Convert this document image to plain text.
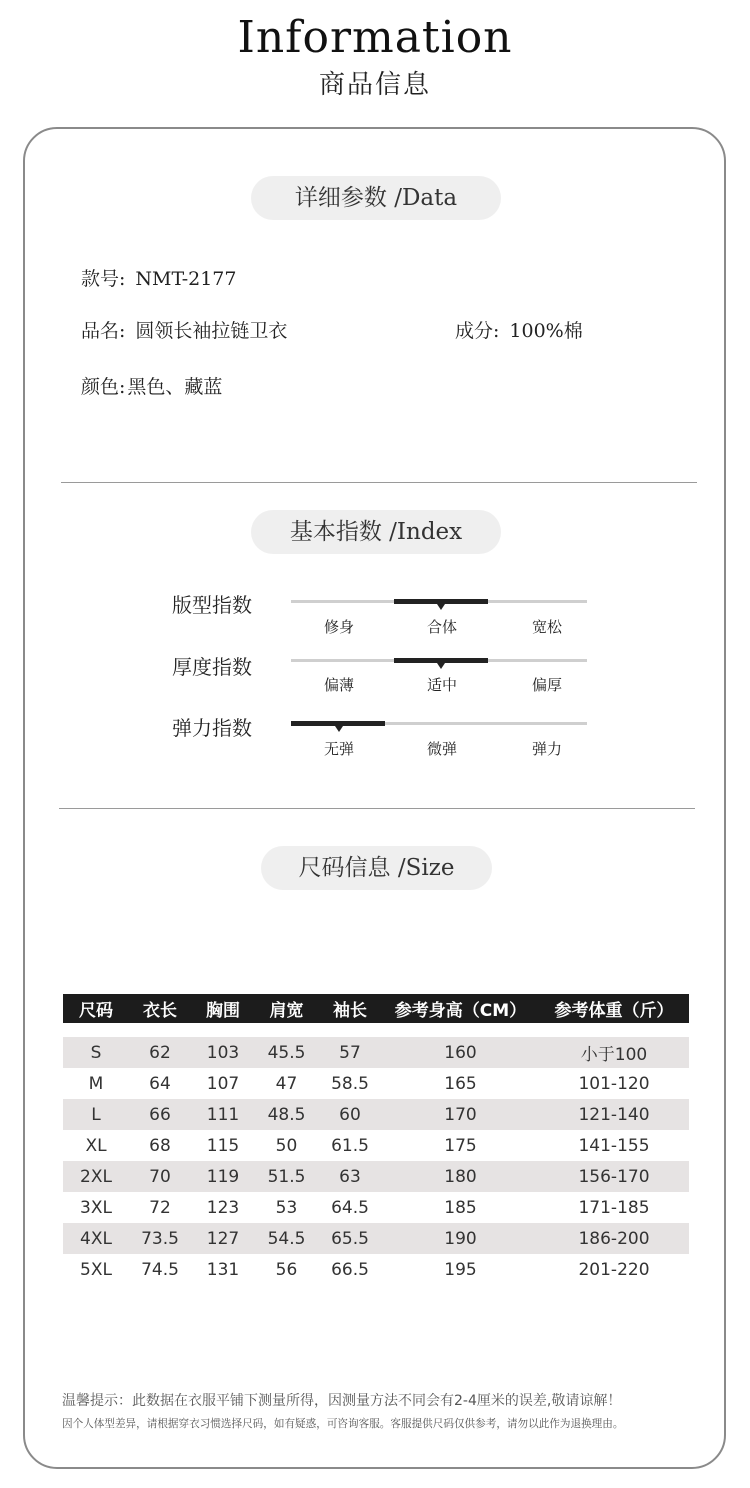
Information
商品信息
详细参数 /Data
款号: NMT-2177
品名: 圆领长袖拉链卫衣	成分: 100%棉
颜色: 黑色、藏蓝
基本指数 /Index
版型指数
修身	合体	宽松
厚度指数
偏薄	适中	偏厚
弹力指数
无弹	微弹	弹力
尺码信息 /Size
尺码	衣长	胸围	肩宽	袖长	参考身高（CM）	参考体重（斤）

S	62	103	45.5	57	160	小于100
M	64	107	47	58.5	165	101-120
L	66	111	48.5	60	170	121-140
XL	68	115	50	61.5	175	141-155
2XL	70	119	51.5	63	180	156-170
3XL	72	123	53	64.5	185	171-185
4XL	73.5	127	54.5	65.5	190	186-200
5XL	74.5	131	56	66.5	195	201-220
温馨提示：此数据在衣服平铺下测量所得，因测量方法不同会有2-4厘米的误差,敬请谅解！
因个人体型差异，请根据穿衣习惯选择尺码，如有疑惑，可咨询客服。客服提供尺码仅供参考，请勿以此作为退换理由。
